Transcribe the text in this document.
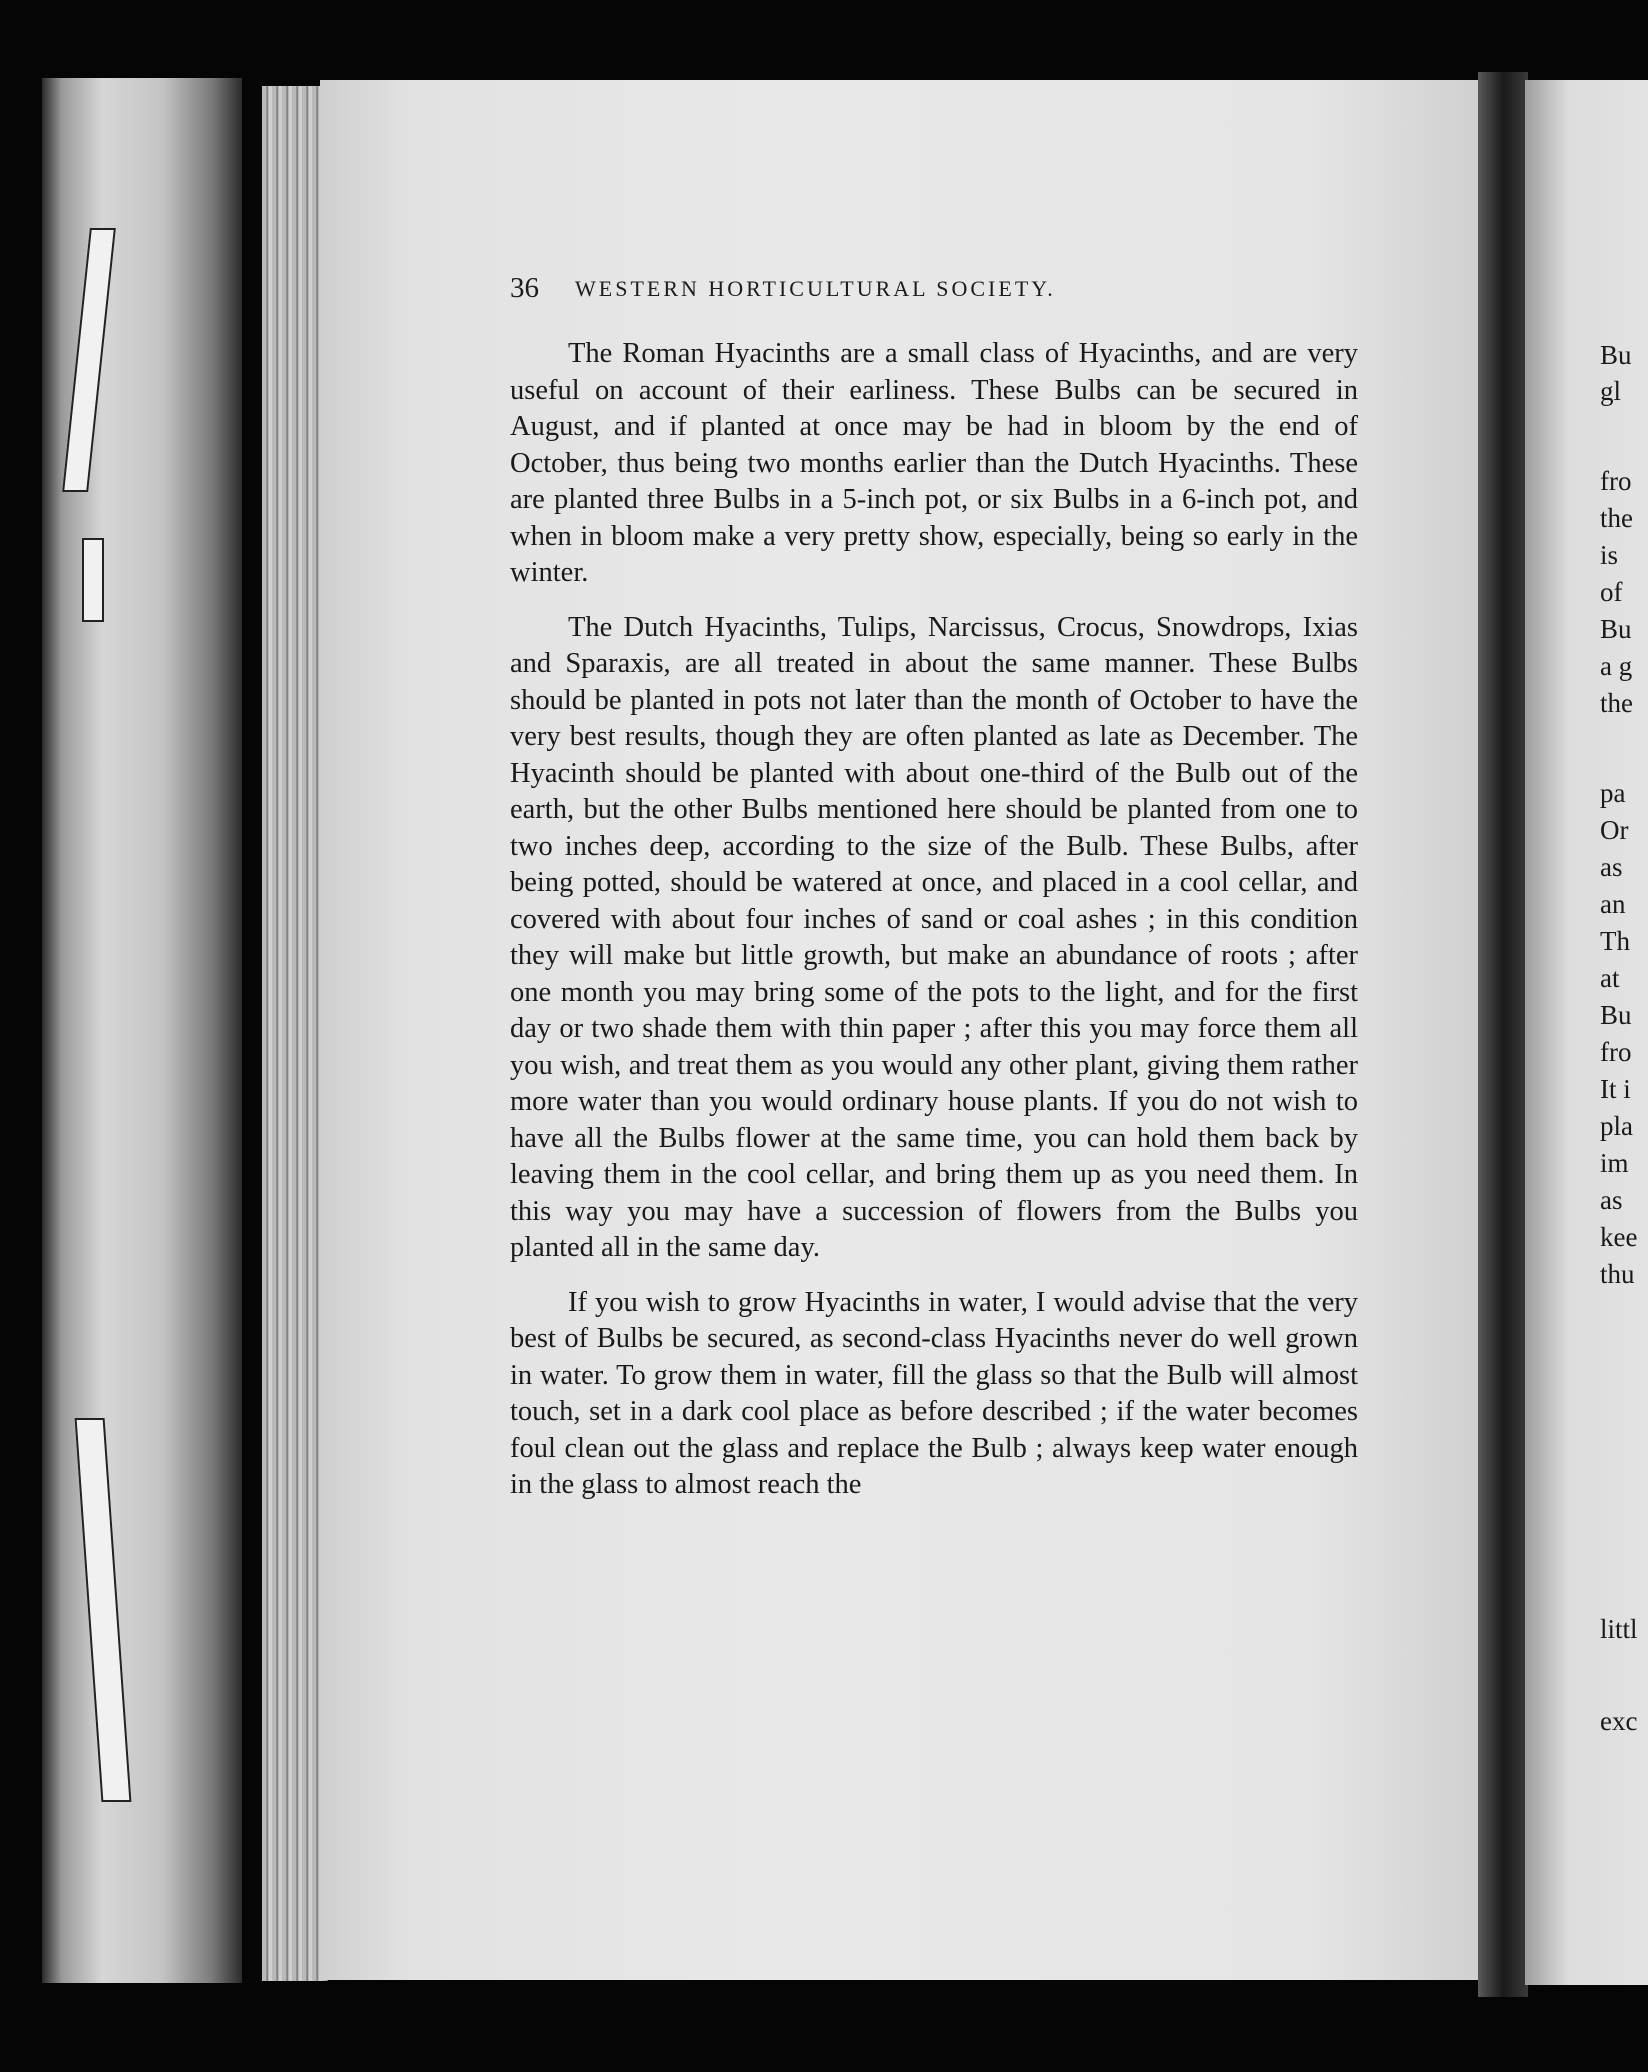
36 WESTERN HORTICULTURAL SOCIETY.

The Roman Hyacinths are a small class of Hyacinths, and are very useful on account of their earliness. These Bulbs can be secured in August, and if planted at once may be had in bloom by the end of October, thus being two months earlier than the Dutch Hyacinths. These are planted three Bulbs in a 5-inch pot, or six Bulbs in a 6-inch pot, and when in bloom make a very pretty show, especially, being so early in the winter.

The Dutch Hyacinths, Tulips, Narcissus, Crocus, Snowdrops, Ixias and Sparaxis, are all treated in about the same manner. These Bulbs should be planted in pots not later than the month of October to have the very best results, though they are often planted as late as December. The Hyacinth should be planted with about one-third of the Bulb out of the earth, but the other Bulbs mentioned here should be planted from one to two inches deep, according to the size of the Bulb. These Bulbs, after being potted, should be watered at once, and placed in a cool cellar, and covered with about four inches of sand or coal ashes ; in this condition they will make but little growth, but make an abundance of roots ; after one month you may bring some of the pots to the light, and for the first day or two shade them with thin paper ; after this you may force them all you wish, and treat them as you would any other plant, giving them rather more water than you would ordinary house plants. If you do not wish to have all the Bulbs flower at the same time, you can hold them back by leaving them in the cool cellar, and bring them up as you need them. In this way you may have a succession of flowers from the Bulbs you planted all in the same day.

If you wish to grow Hyacinths in water, I would advise that the very best of Bulbs be secured, as second-class Hyacinths never do well grown in water. To grow them in water, fill the glass so that the Bulb will almost touch, set in a dark cool place as before described ; if the water becomes foul clean out the glass and replace the Bulb ; always keep water enough in the glass to almost reach the

Bu
gl
fro
the
is
of
Bu
a g
the
pa
Or
as
an
Th
at
Bu
fro
It i
pla
im
as
kee
thu
littl
exc
